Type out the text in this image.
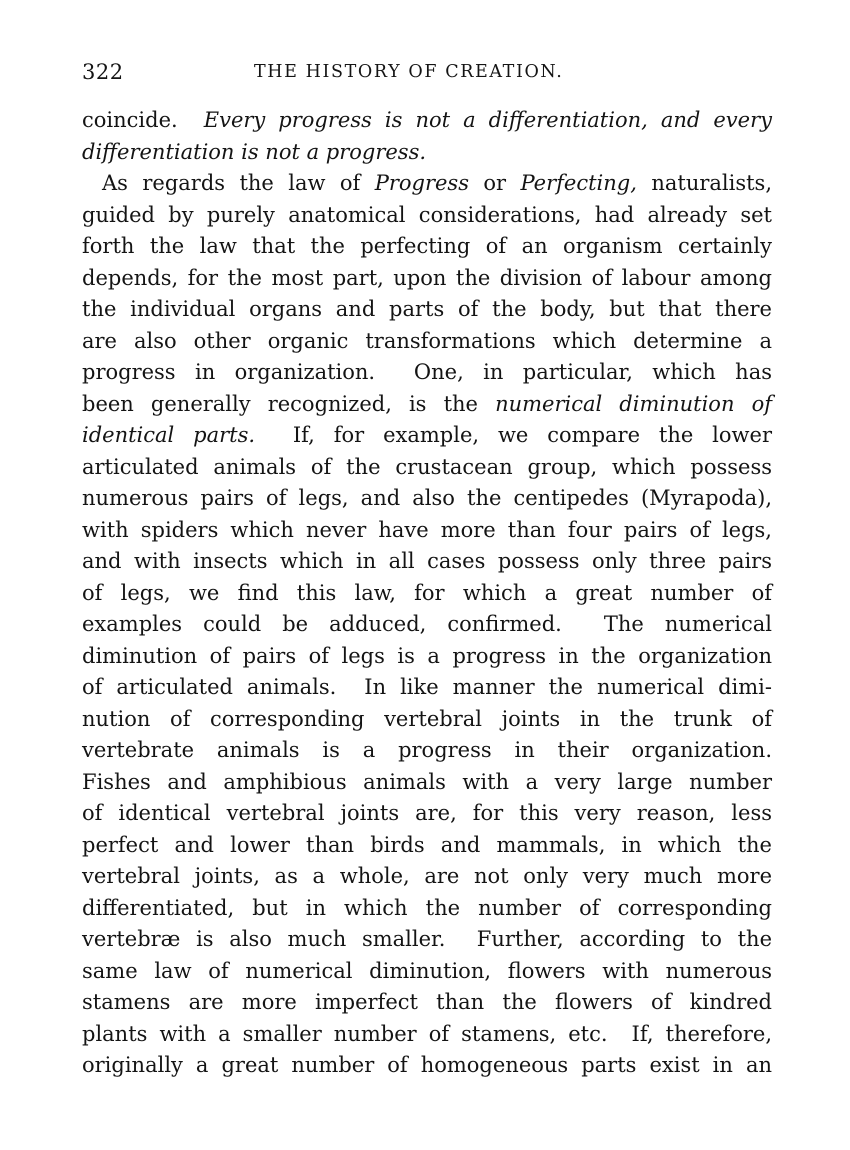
322	THE HISTORY OF CREATION.
coincide.  Every progress is not a differentiation, and every
differentiation is not a progress.
As regards the law of Progress or Perfecting, naturalists,
guided by purely anatomical considerations, had already set
forth the law that the perfecting of an organism certainly
depends, for the most part, upon the division of labour among
the individual organs and parts of the body, but that there
are also other organic transformations which determine a
progress in organization.  One, in particular, which has
been generally recognized, is the numerical diminution of
identical parts.  If, for example, we compare the lower
articulated animals of the crustacean group, which possess
numerous pairs of legs, and also the centipedes (Myrapoda),
with spiders which never have more than four pairs of legs,
and with insects which in all cases possess only three pairs
of legs, we find this law, for which a great number of
examples could be adduced, confirmed.  The numerical
diminution of pairs of legs is a progress in the organization
of articulated animals.  In like manner the numerical dimi-
nution of corresponding vertebral joints in the trunk of
vertebrate animals is a progress in their organization.
Fishes and amphibious animals with a very large number
of identical vertebral joints are, for this very reason, less
perfect and lower than birds and mammals, in which the
vertebral joints, as a whole, are not only very much more
differentiated, but in which the number of corresponding
vertebræ is also much smaller.  Further, according to the
same law of numerical diminution, flowers with numerous
stamens are more imperfect than the flowers of kindred
plants with a smaller number of stamens, etc.  If, therefore,
originally a great number of homogeneous parts exist in an
